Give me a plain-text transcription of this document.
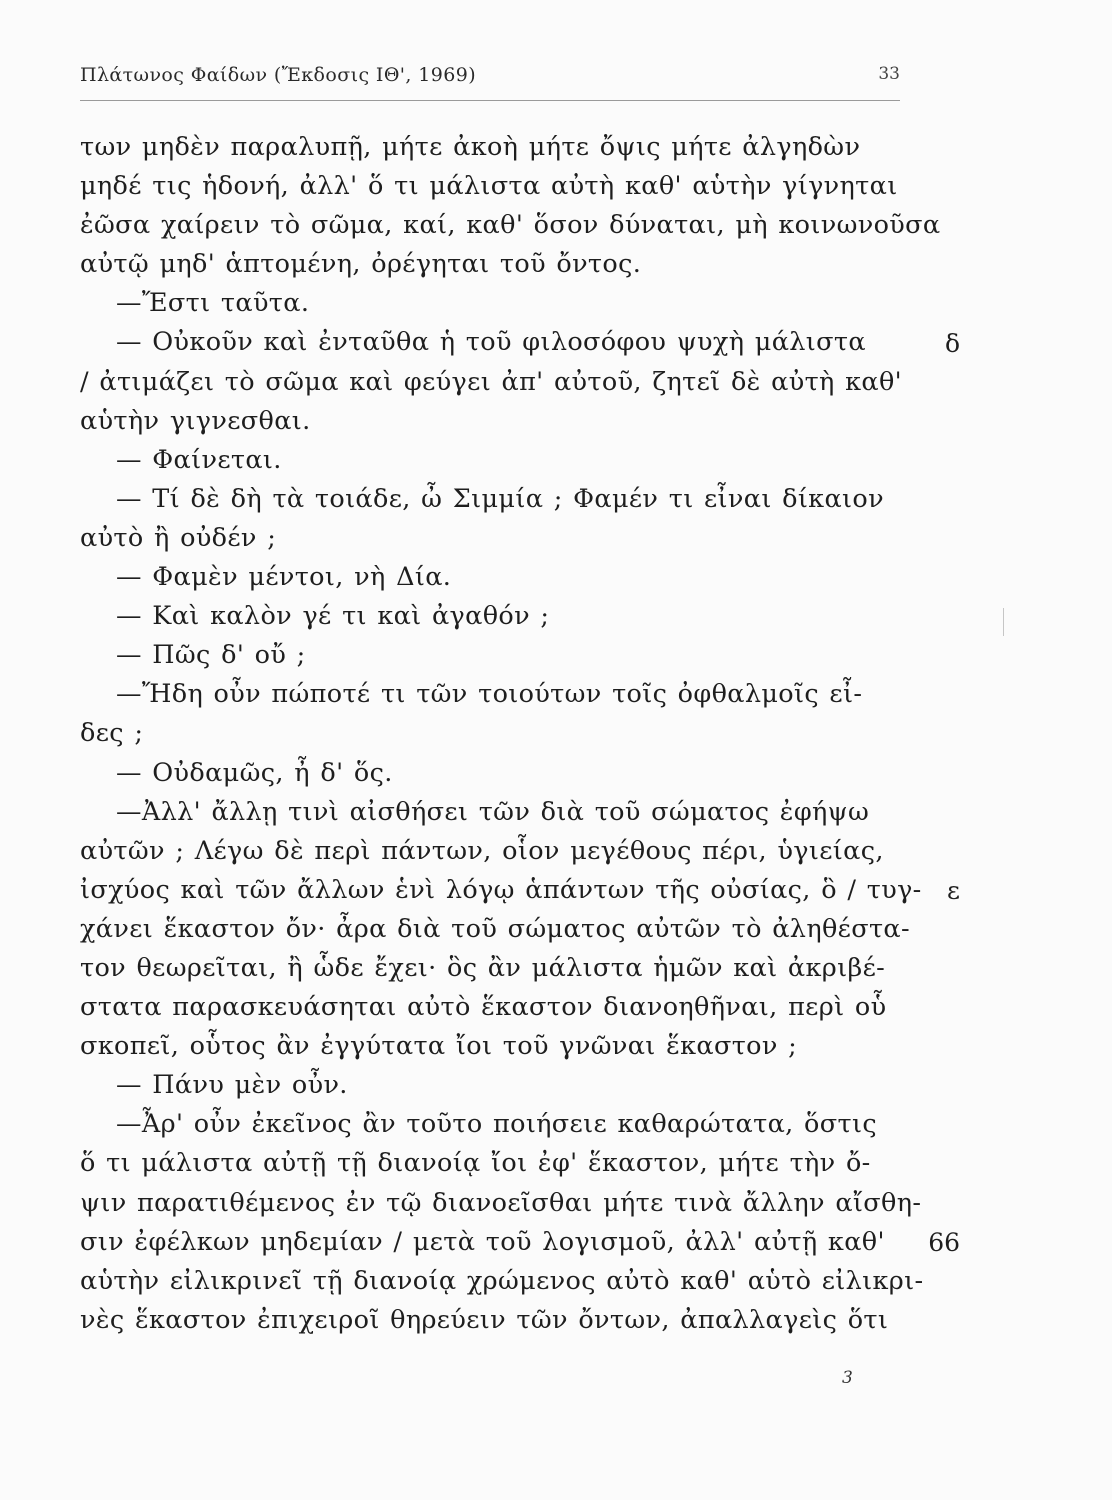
Πλάτωνος Φαίδων (Ἔκδοσις ΙΘ', 1969)	33
των μηδὲν παραλυπῇ, μήτε ἀκοὴ μήτε ὄψις μήτε ἀλγηδὼν
μηδέ τις ἡδονή, ἀλλ' ὅ τι μάλιστα αὐτὴ καθ' αὑτὴν γίγνηται
ἐῶσα χαίρειν τὸ σῶμα, καί, καθ' ὅσον δύναται, μὴ κοινωνοῦσα
αὐτῷ μηδ' ἁπτομένη, ὀρέγηται τοῦ ὄντος.
—Ἔστι ταῦτα.
— Οὐκοῦν καὶ ἐνταῦθα ἡ τοῦ φιλοσόφου ψυχὴ μάλιστα
/ ἀτιμάζει τὸ σῶμα καὶ φεύγει ἀπ' αὐτοῦ, ζητεῖ δὲ αὐτὴ καθ'
αὑτὴν γιγνεσθαι.
— Φαίνεται.
— Τί δὲ δὴ τὰ τοιάδε, ὦ Σιμμία ; Φαμέν τι εἶναι δίκαιον
αὐτὸ ἢ οὐδέν ;
— Φαμὲν μέντοι, νὴ Δία.
— Καὶ καλὸν γέ τι καὶ ἀγαθόν ;
— Πῶς δ' οὔ ;
—Ἤδη οὖν πώποτέ τι τῶν τοιούτων τοῖς ὀφθαλμοῖς εἶ-
δες ;
— Οὐδαμῶς, ἦ δ' ὅς.
—Ἀλλ' ἄλλῃ τινὶ αἰσθήσει τῶν διὰ τοῦ σώματος ἐφήψω
αὐτῶν ; Λέγω δὲ περὶ πάντων, οἷον μεγέθους πέρι, ὑγιείας,
ἰσχύος καὶ τῶν ἄλλων ἑνὶ λόγῳ ἁπάντων τῆς οὐσίας, ὃ / τυγ-
χάνει ἕκαστον ὄν· ἆρα διὰ τοῦ σώματος αὐτῶν τὸ ἀληθέστα-
τον θεωρεῖται, ἢ ὧδε ἔχει· ὃς ἂν μάλιστα ἡμῶν καὶ ἀκριβέ-
στατα παρασκευάσηται αὐτὸ ἕκαστον διανοηθῆναι, περὶ οὗ
σκοπεῖ, οὗτος ἂν ἐγγύτατα ἴοι τοῦ γνῶναι ἕκαστον ;
— Πάνυ μὲν οὖν.
—Ἆρ' οὖν ἐκεῖνος ἂν τοῦτο ποιήσειε καθαρώτατα, ὅστις
ὅ τι μάλιστα αὐτῇ τῇ διανοίᾳ ἴοι ἐφ' ἕκαστον, μήτε τὴν ὄ-
ψιν παρατιθέμενος ἐν τῷ διανοεῖσθαι μήτε τινὰ ἄλλην αἴσθη-
σιν ἐφέλκων μηδεμίαν / μετὰ τοῦ λογισμοῦ, ἀλλ' αὐτῇ καθ'
αὑτὴν εἰλικρινεῖ τῇ διανοίᾳ χρώμενος αὐτὸ καθ' αὑτὸ εἰλικρι-
νὲς ἕκαστον ἐπιχειροῖ θηρεύειν τῶν ὄντων, ἀπαλλαγεὶς ὅτι
δ
ε
66
3
